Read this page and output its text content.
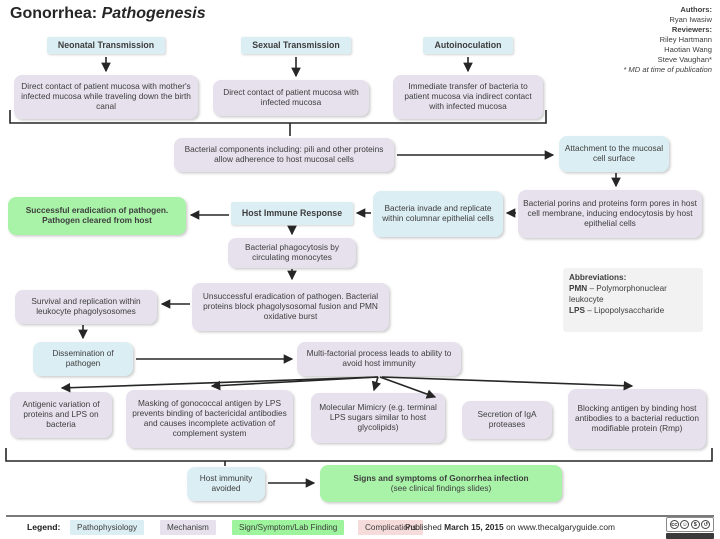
Gonorrhea: Pathogenesis	Authors:
Ryan Iwasiw
Reviewers:
Riley Hartmann
Haotian Wang
Steve Vaughan*
* MD at time of publication
Neonatal Transmission	Sexual Transmission	Autoinoculation
Direct contact of patient mucosa with mother's infected mucosa while traveling down the birth canal
Direct contact of patient mucosa with infected mucosa
Immediate transfer of bacteria to patient mucosa via indirect contact with infected mucosa
Bacterial components including: pili and other proteins allow adherence to host mucosal cells
Attachment to the mucosal cell surface
Bacterial porins and proteins form pores in host cell membrane, inducing endocytosis by host epithelial cells
Bacteria invade and replicate within columnar epithelial cells
Host Immune Response
Successful eradication of pathogen. Pathogen cleared from host
Bacterial phagocytosis by circulating monocytes
Unsuccessful eradication of pathogen. Bacterial proteins block phagolysosomal fusion and PMN oxidative burst
Survival and replication within leukocyte phagolysosomes
Dissemination of pathogen
Multi-factorial process leads to ability to avoid host immunity
Abbreviations:
PMN – Polymorphonuclear leukocyte
LPS – Lipopolysaccharide
Antigenic variation of proteins and LPS on bacteria
Masking of gonococcal antigen by LPS prevents binding of bactericidal antibodies and causes incomplete activation of complement system
Molecular Mimicry (e.g. terminal LPS sugars similar to host glycolipids)
Secretion of IgA proteases
Blocking antigen by binding host antibodies to a bacterial reduction modifiable protein (Rmp)
Host immunity avoided
Signs and symptoms of Gonorrhea infection
(see clinical findings slides)
Legend:	Pathophysiology	Mechanism	Sign/Symptom/Lab Finding	Complications
Published March 15, 2015 on www.thecalgaryguide.com	cc ☺	$	↺
